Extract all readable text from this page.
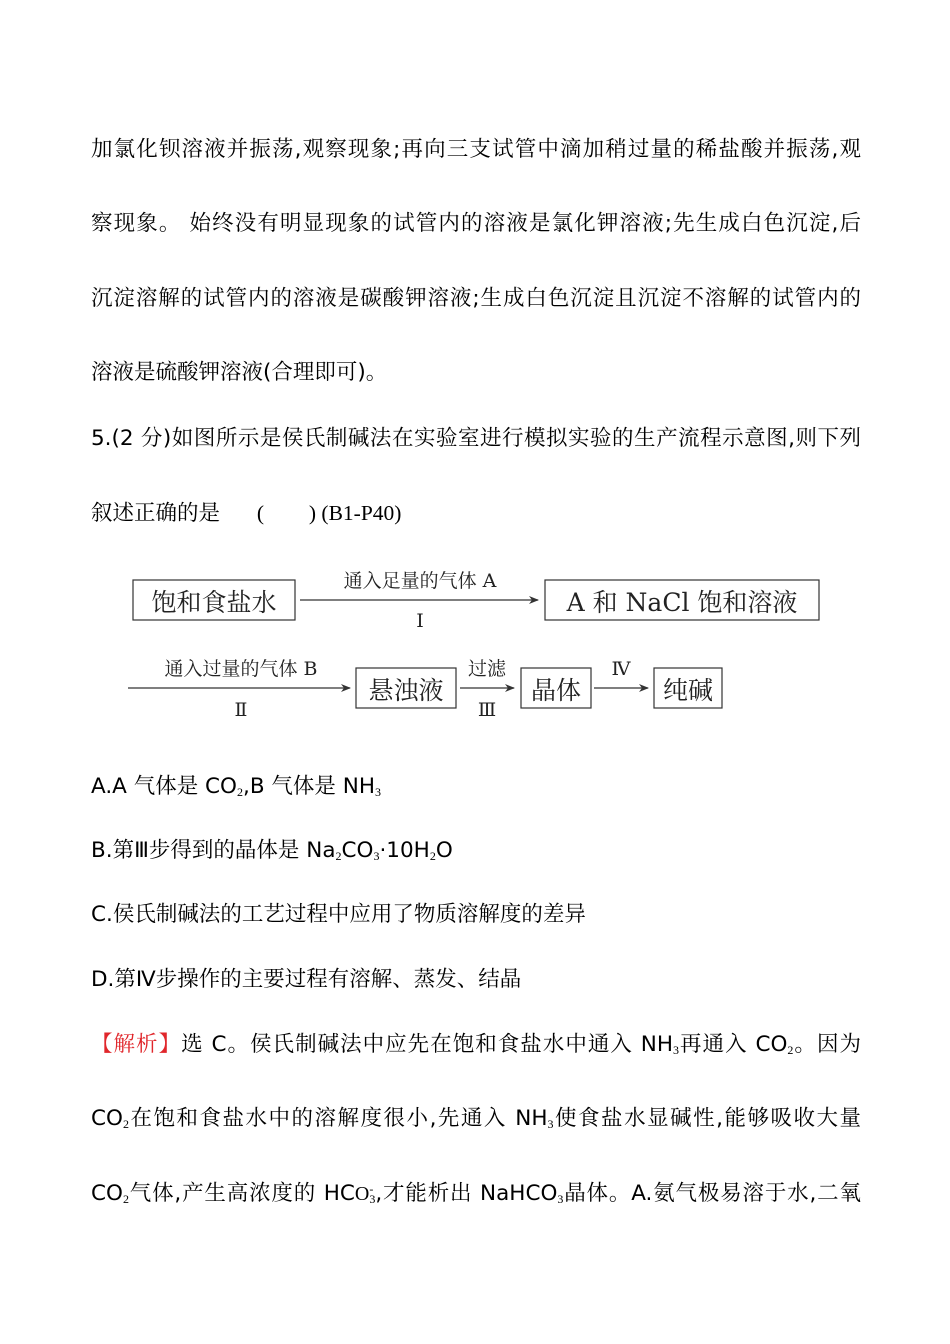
加氯化钡溶液并振荡,观察现象;再向三支试管中滴加稍过量的稀盐酸并振荡,观
察现象。 始终没有明显现象的试管内的溶液是氯化钾溶液;先生成白色沉淀,后
沉淀溶解的试管内的溶液是碳酸钾溶液;生成白色沉淀且沉淀不溶解的试管内的
溶液是硫酸钾溶液(合理即可)。
5.(2 分)如图所示是侯氏制碱法在实验室进行模拟实验的生产流程示意图,则下列
叙述正确的是 ( ) (B1-P40)
饱和食盐水
通入足量的气体 A
Ⅰ
A 和 NaCl 饱和溶液
通入过量的气体 B
Ⅱ
悬浊液
过滤
Ⅲ
晶体
Ⅳ
纯碱
A.A 气体是 $CO_2,B$ 气体是 $NH_3$
B.第Ⅲ步得到的晶体是 $Na_2CO_3\cdot 10H_2O$
C.侯氏制碱法的工艺过程中应用了物质溶解度的差异
D.第Ⅳ步操作的主要过程有溶解、蒸发、结晶
【解析】选 C。侯氏制碱法中应先在饱和食盐水中通入 $NH_3$再通入 $CO_2$。因为
$CO_2$在饱和食盐水中的溶解度很小,先通入 $NH_3$使食盐水显碱性,能够吸收大量
$CO_2$气体,产生高浓度的 HCO -
3 ,才能析出 NaHCO$_3$晶体。A.氨气极易溶于水,二氧
